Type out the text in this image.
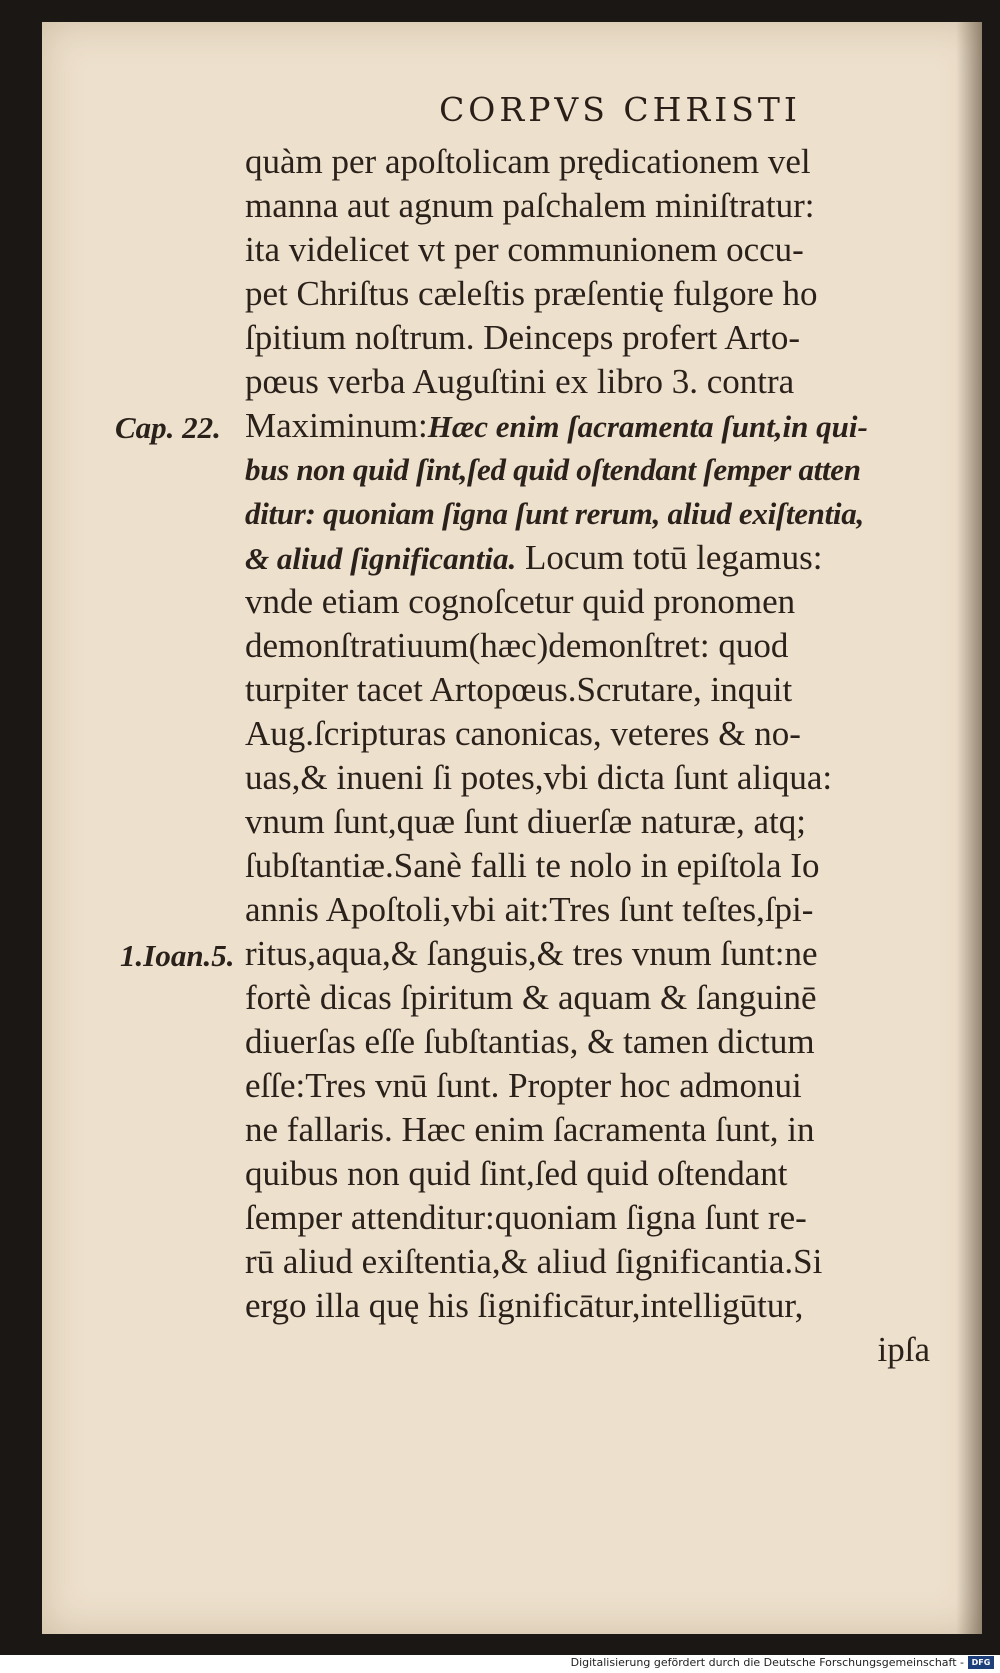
CORPVS CHRISTI
Cap. 22.
1.Ioan.5.
quàm per apoſtolicam prędicationem vel
manna aut agnum paſchalem miniſtratur:
ita videlicet vt per communionem occu-
pet Chriſtus cæleſtis præſentię fulgore ho
ſpitium noſtrum. Deinceps profert Arto-
pœus verba Auguſtini ex libro 3. contra
Maximinum:Hæc enim ſacramenta ſunt,in qui-
bus non quid ſint,ſed quid oſtendant ſemper atten
ditur: quoniam ſigna ſunt rerum, aliud exiſtentia,
& aliud ſignificantia. Locum totū legamus:
vnde etiam cognoſcetur quid pronomen
demonſtratiuum(hæc)demonſtret: quod
turpiter tacet Artopœus.Scrutare, inquit
Aug.ſcripturas canonicas, veteres & no-
uas,& inueni ſi potes,vbi dicta ſunt aliqua:
vnum ſunt,quæ ſunt diuerſæ naturæ, atq;
ſubſtantiæ.Sanè falli te nolo in epiſtola Io
annis Apoſtoli,vbi ait:Tres ſunt teſtes,ſpi-
ritus,aqua,& ſanguis,& tres vnum ſunt:ne
fortè dicas ſpiritum & aquam & ſanguinē
diuerſas eſſe ſubſtantias, & tamen dictum
eſſe:Tres vnū ſunt. Propter hoc admonui
ne fallaris. Hæc enim ſacramenta ſunt, in
quibus non quid ſint,ſed quid oſtendant
ſemper attenditur:quoniam ſigna ſunt re-
rū aliud exiſtentia,& aliud ſignificantia.Si
ergo illa quę his ſignificātur,intelligūtur,
ipſa
Digitalisierung gefördert durch die Deutsche Forschungsgemeinschaft - DFG
